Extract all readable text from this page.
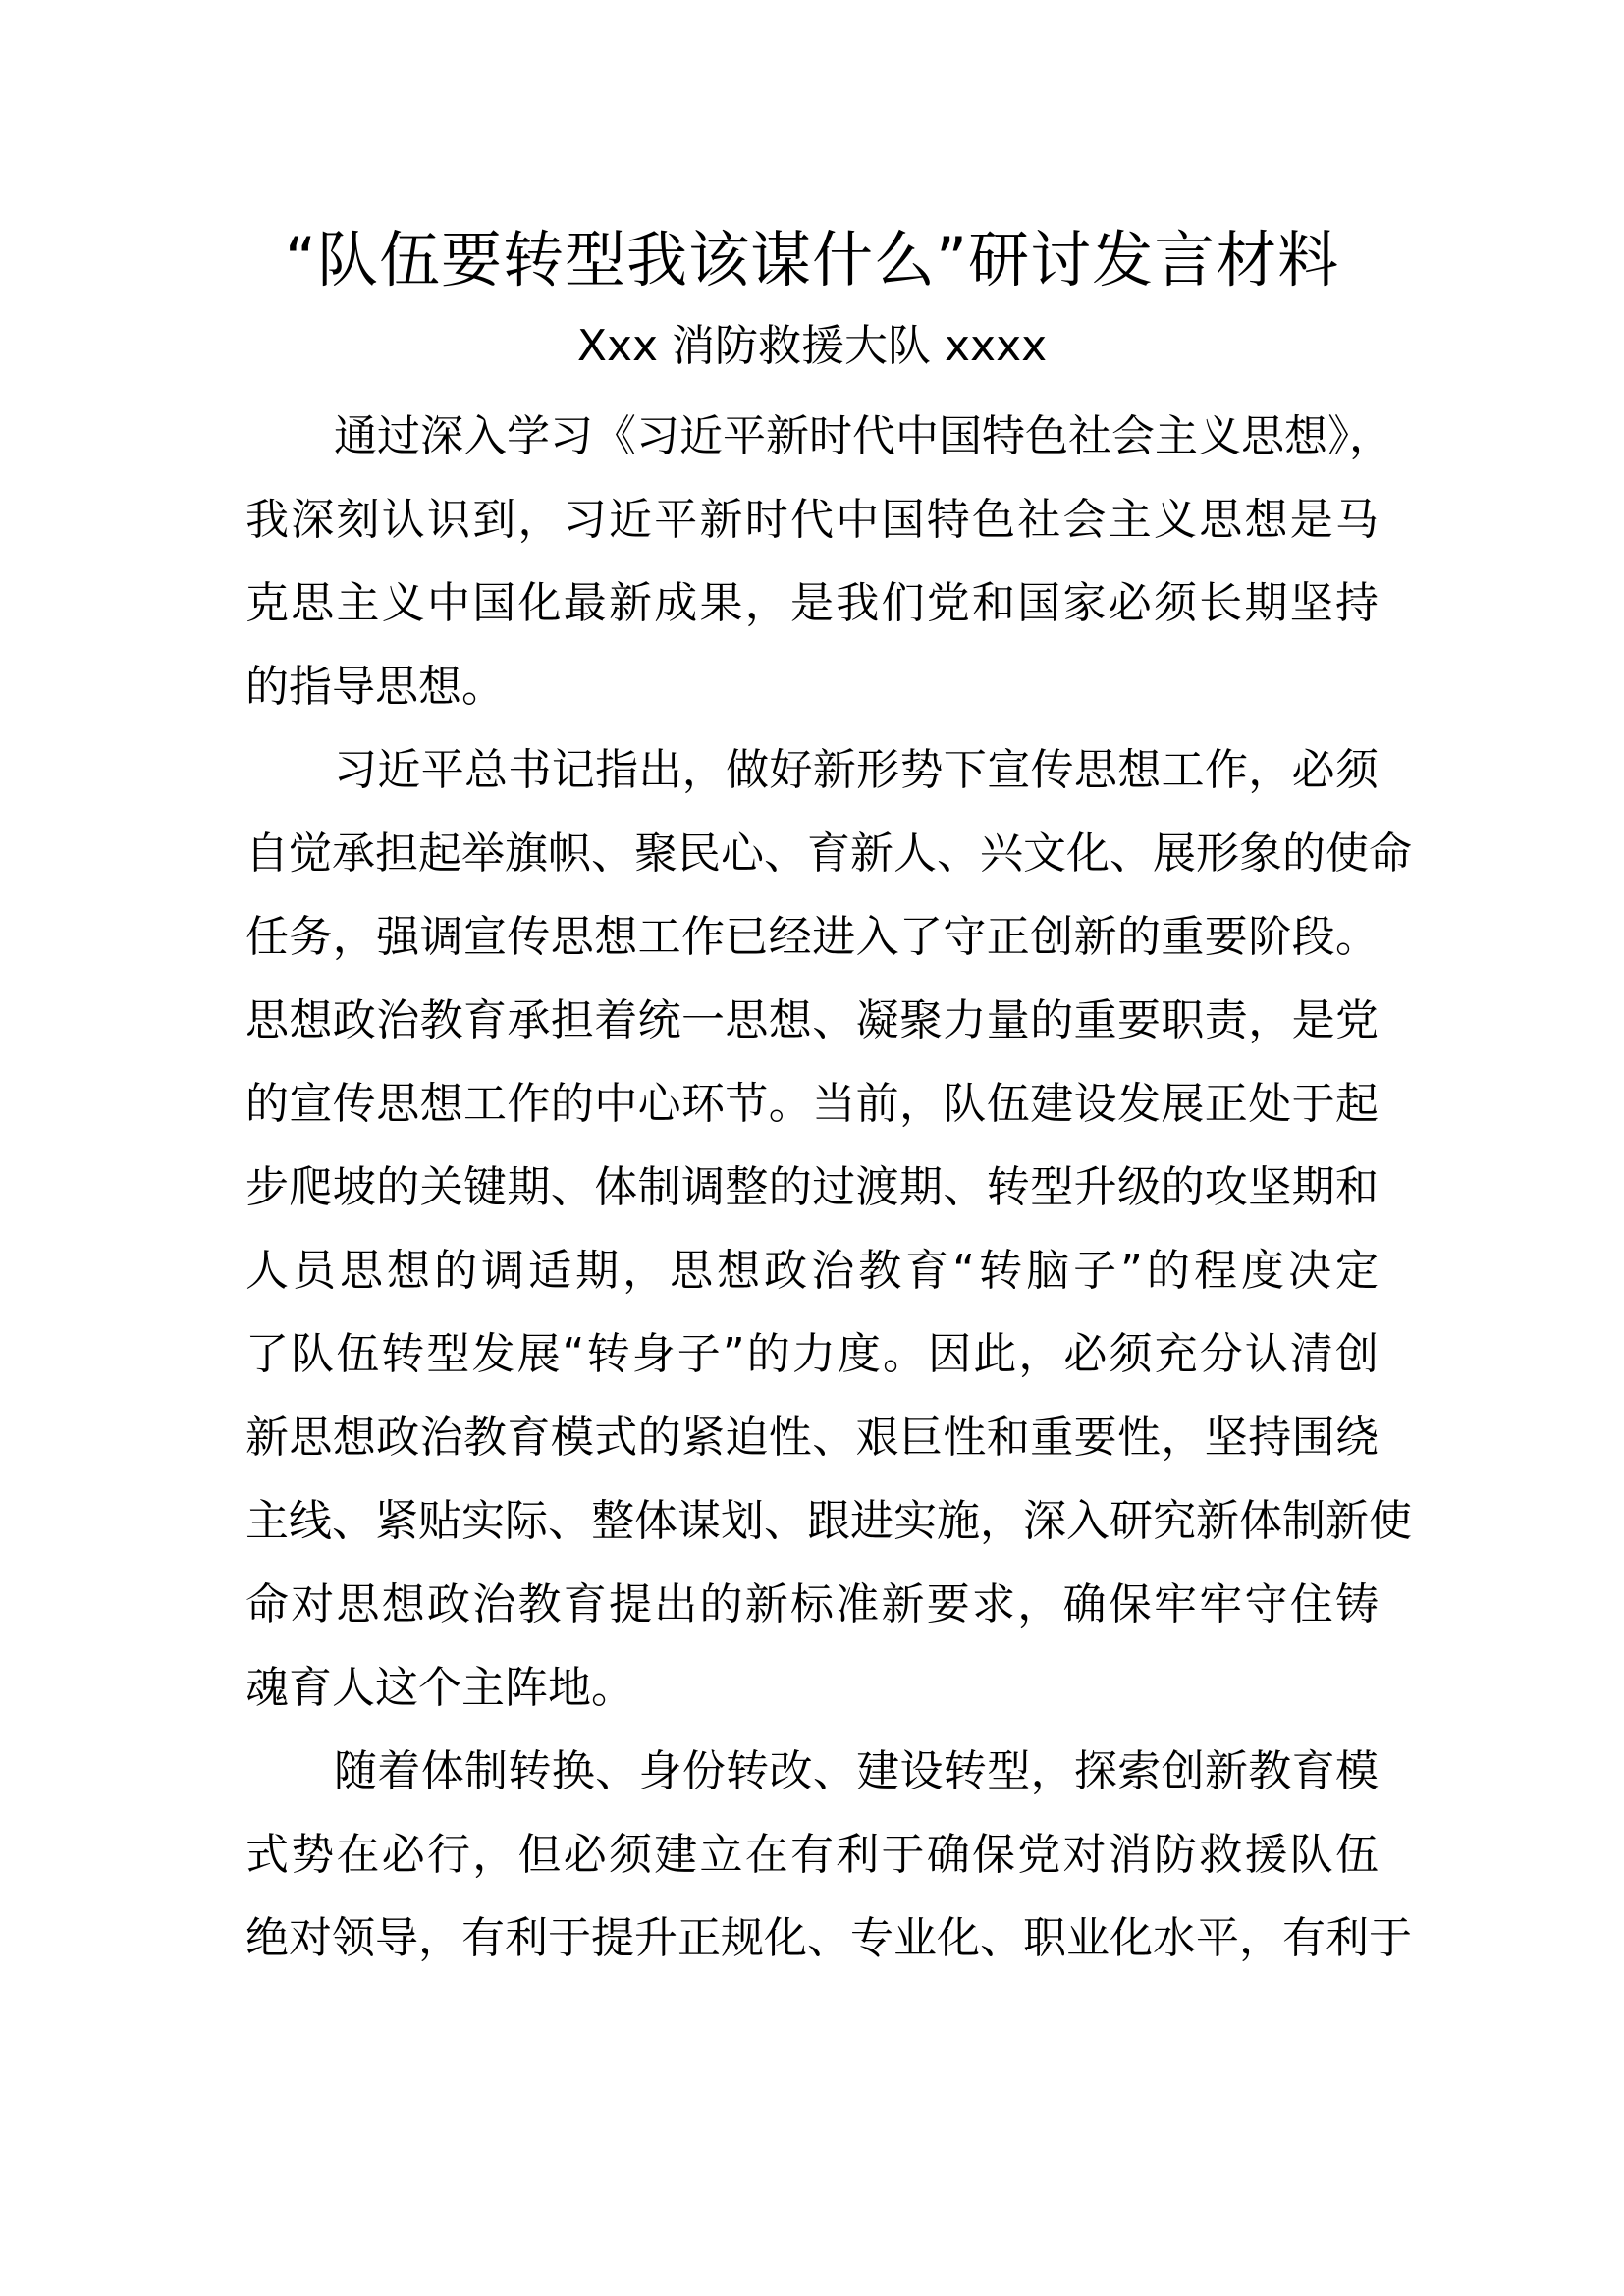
“队伍要转型我该谋什么”研讨发言材料
Xxx 消防救援大队 xxxx
通过深入学习《习近平新时代中国特色社会主义思想》，
我深刻认识到，习近平新时代中国特色社会主义思想是马
克思主义中国化最新成果，是我们党和国家必须长期坚持
的指导思想。
习近平总书记指出，做好新形势下宣传思想工作，必须
自觉承担起举旗帜、聚民心、育新人、兴文化、展形象的使命
任务，强调宣传思想工作已经进入了守正创新的重要阶段。
思想政治教育承担着统一思想、凝聚力量的重要职责，是党
的宣传思想工作的中心环节。当前，队伍建设发展正处于起
步爬坡的关键期、体制调整的过渡期、转型升级的攻坚期和
人员思想的调适期，思想政治教育“转脑子”的程度决定
了队伍转型发展“转身子”的力度。因此，必须充分认清创
新思想政治教育模式的紧迫性、艰巨性和重要性，坚持围绕
主线、紧贴实际、整体谋划、跟进实施，深入研究新体制新使
命对思想政治教育提出的新标准新要求，确保牢牢守住铸
魂育人这个主阵地。
随着体制转换、身份转改、建设转型，探索创新教育模
式势在必行，但必须建立在有利于确保党对消防救援队伍
绝对领导，有利于提升正规化、专业化、职业化水平，有利于
